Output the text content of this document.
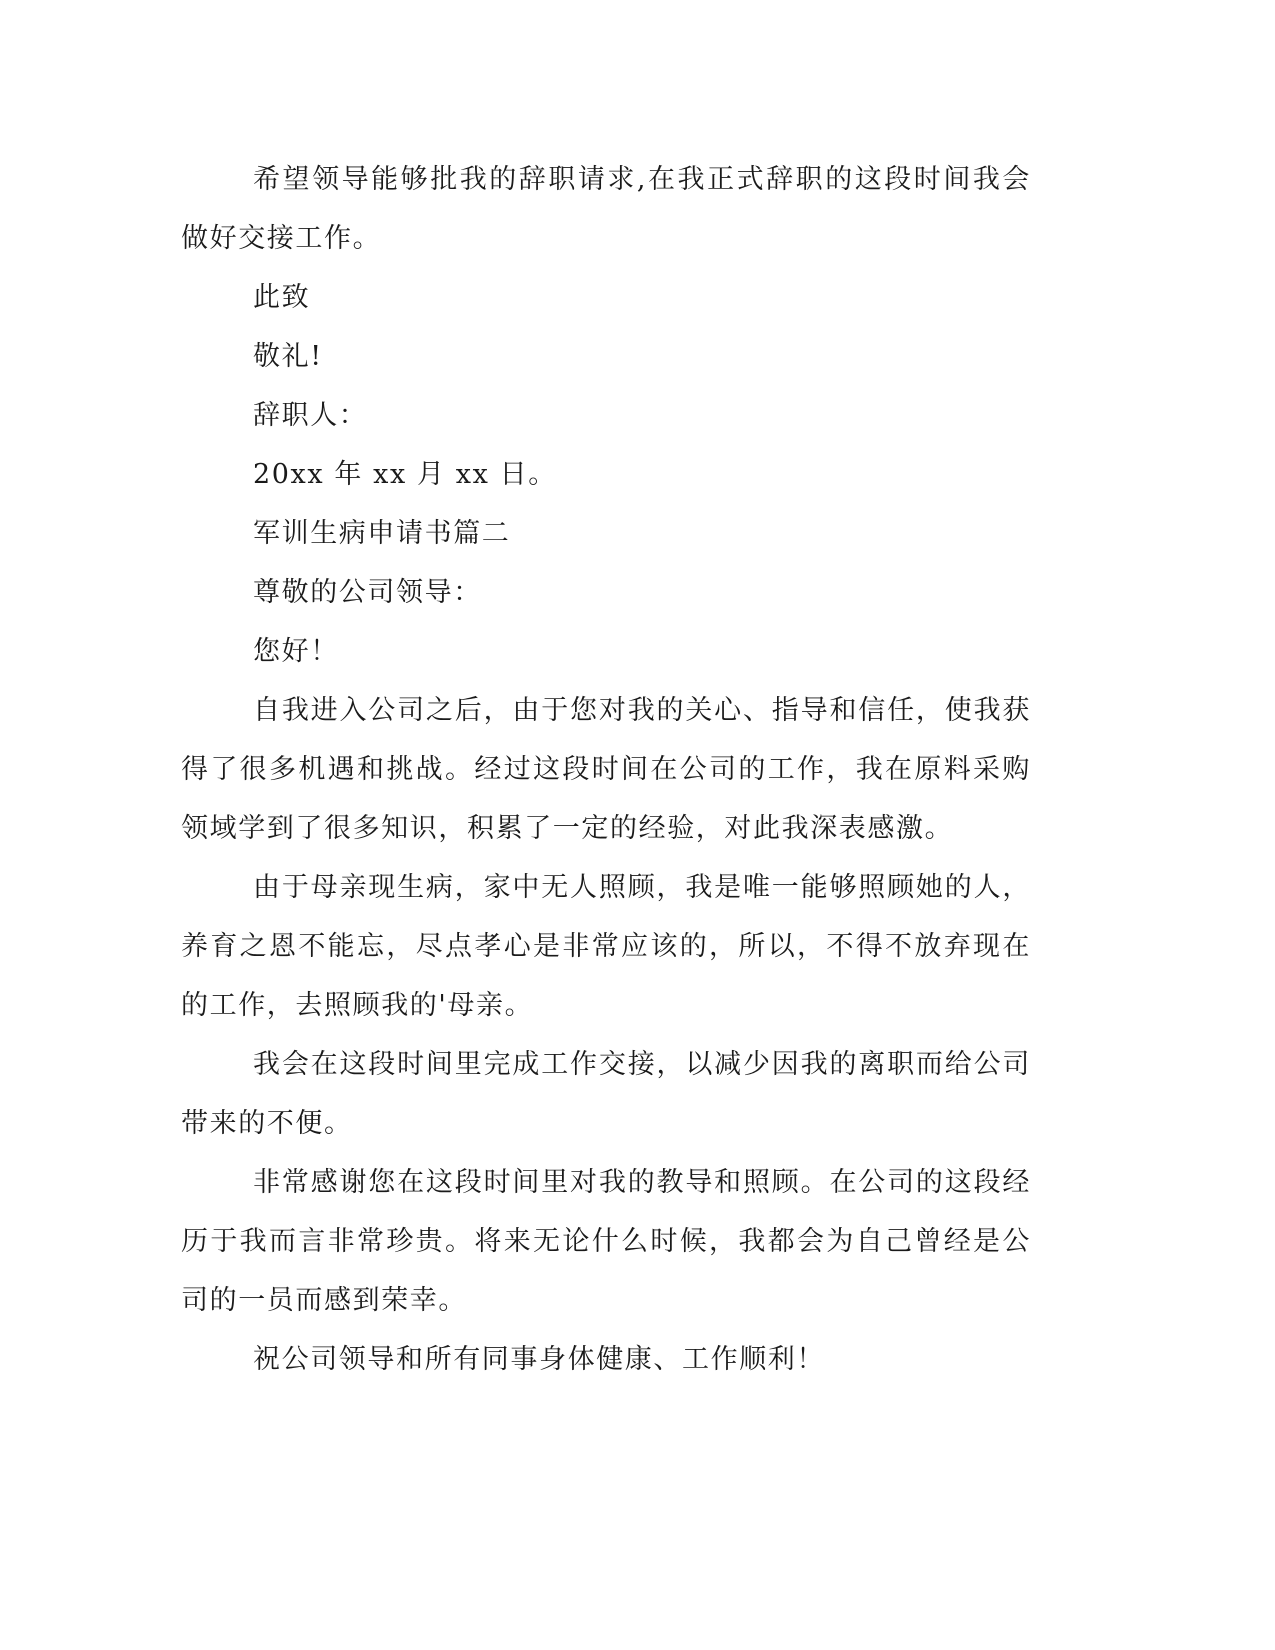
希望领导能够批我的辞职请求,在我正式辞职的这段时间我会做好交接工作。

此致

敬礼!

辞职人：

20xx 年 xx 月 xx 日。

军训生病申请书篇二

尊敬的公司领导：

您好！

自我进入公司之后，由于您对我的关心、指导和信任，使我获得了很多机遇和挑战。经过这段时间在公司的工作，我在原料采购领域学到了很多知识，积累了一定的经验，对此我深表感激。

由于母亲现生病，家中无人照顾，我是唯一能够照顾她的人，养育之恩不能忘，尽点孝心是非常应该的，所以，不得不放弃现在的工作，去照顾我的'母亲。

我会在这段时间里完成工作交接，以减少因我的离职而给公司带来的不便。

非常感谢您在这段时间里对我的教导和照顾。在公司的这段经历于我而言非常珍贵。将来无论什么时候，我都会为自己曾经是公司的一员而感到荣幸。

祝公司领导和所有同事身体健康、工作顺利！
